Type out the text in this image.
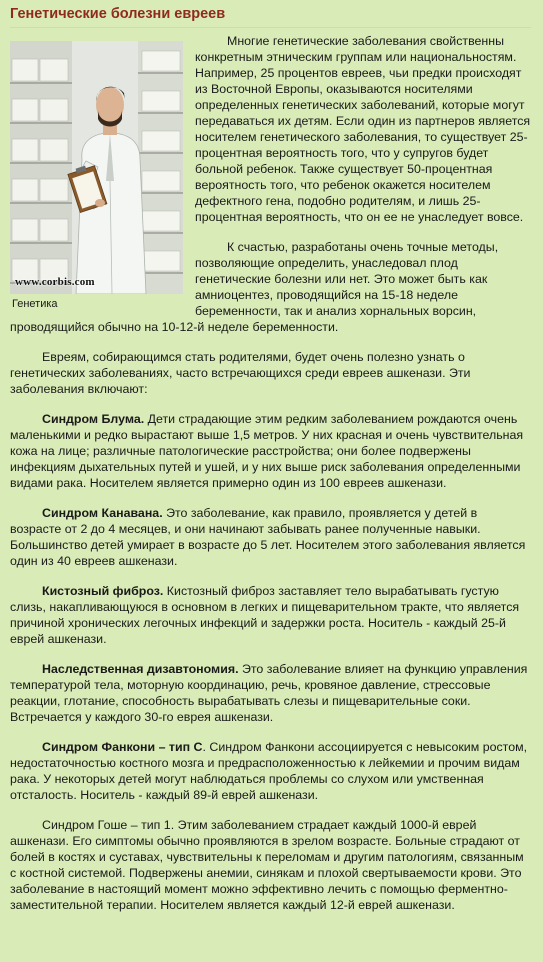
Генетические болезни евреев
www.corbis.com
Генетика

Многие генетические заболевания свойственны конкретным этническим группам или национальностям. Например, 25 процентов евреев, чьи предки происходят из Восточной Европы, оказываются носителями определенных генетических заболеваний, которые могут передаваться их детям. Если один из партнеров является носителем генетического заболевания, то существует 25-процентная вероятность того, что у супругов будет больной ребенок. Также существует 50-процентная вероятность того, что ребенок окажется носителем дефектного гена, подобно родителям, и лишь 25-процентная вероятность, что он ее не унаследует вовсе.

К счастью, разработаны очень точные методы, позволяющие определить, унаследовал плод генетические болезни или нет. Это может быть как амниоцентез, проводящийся на 15-18 неделе беременности, так и анализ хорнальных ворсин, проводящийся обычно на 10-12-й неделе беременности.

Евреям, собирающимся стать родителями, будет очень полезно узнать о генетических заболеваниях, часто встречающихся среди евреев ашкенази. Эти заболевания включают:

Синдром Блума. Дети страдающие этим редким заболеванием рождаются очень маленькими и редко вырастают выше 1,5 метров. У них красная и очень чувствительная кожа на лице; различные патологические расстройства; они более подвержены инфекциям дыхательных путей и ушей, и у них выше риск заболевания определенными видами рака. Носителем является примерно один из 100 евреев ашкенази.

Синдром Канавана. Это заболевание, как правило, проявляется у детей в возрасте от 2 до 4 месяцев, и они начинают забывать ранее полученные навыки. Большинство детей умирает в возрасте до 5 лет. Носителем этого заболевания является один из 40 евреев ашкенази.

Кистозный фиброз. Кистозный фиброз заставляет тело вырабатывать густую слизь, накапливающуюся в основном в легких и пищеварительном тракте, что является причиной хронических легочных инфекций и задержки роста. Носитель - каждый 25-й еврей ашкенази.

Наследственная дизавтономия. Это заболевание влияет на функцию управления температурой тела, моторную координацию, речь, кровяное давление, стрессовые реакции, глотание, способность вырабатывать слезы и пищеварительные соки. Встречается у каждого 30-го еврея ашкенази.

Синдром Фанкони – тип С. Синдром Фанкони ассоциируется с невысоким ростом, недостаточностью костного мозга и предрасположенностью к лейкемии и прочим видам рака. У некоторых детей могут наблюдаться проблемы со слухом или умственная отсталость. Носитель - каждый 89-й еврей ашкенази.

Синдром Гоше – тип 1. Этим заболеванием страдает каждый 1000-й еврей ашкенази. Его симптомы обычно проявляются в зрелом возрасте. Больные страдают от болей в костях и суставах, чувствительны к переломам и другим патологиям, связанным с костной системой. Подвержены анемии, синякам и плохой свертываемости крови. Это заболевание в настоящий момент можно эффективно лечить с помощью ферментно-заместительной терапии. Носителем является каждый 12-й еврей ашкенази.
